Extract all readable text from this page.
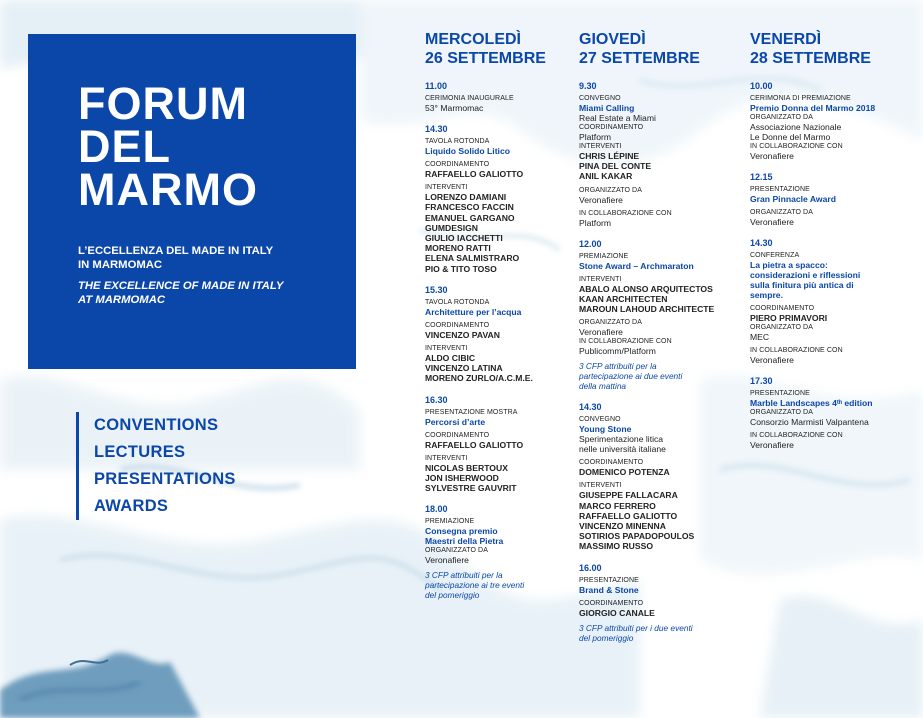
FORUM
DEL
MARMO
L’ECCELLENZA DEL MADE IN ITALY
IN MARMOMAC
THE EXCELLENCE OF MADE IN ITALY
AT MARMOMAC
CONVENTIONS
LECTURES
PRESENTATIONS
AWARDS
MERCOLEDÌ
26 SETTEMBRE
11.00
CERIMONIA INAUGURALE
53° Marmomac
14.30
TAVOLA ROTONDA
Liquido Solido Litico
COORDINAMENTO
RAFFAELLO GALIOTTO
INTERVENTI
LORENZO DAMIANI
FRANCESCO FACCIN
EMANUEL GARGANO
GUMDESIGN
GIULIO IACCHETTI
MORENO RATTI
ELENA SALMISTRARO
PIO & TITO TOSO
15.30
TAVOLA ROTONDA
Architetture per l’acqua
COORDINAMENTO
VINCENZO PAVAN
INTERVENTI
ALDO CIBIC
VINCENZO LATINA
MORENO ZURLO/A.C.M.E.
16.30
PRESENTAZIONE MOSTRA
Percorsi d’arte
COORDINAMENTO
RAFFAELLO GALIOTTO
INTERVENTI
NICOLAS BERTOUX
JON ISHERWOOD
SYLVESTRE GAUVRIT
18.00
PREMIAZIONE
Consegna premio
Maestri della Pietra
ORGANIZZATO DA
Veronafiere
3 CFP attribuiti per la
partecipazione ai tre eventi
del pomeriggio
GIOVEDÌ
27 SETTEMBRE
9.30
CONVEGNO
Miami Calling
Real Estate a Miami
COORDINAMENTO
Platform
INTERVENTI
CHRIS LÉPINE
PINA DEL CONTE
ANIL KAKAR
ORGANIZZATO DA
Veronafiere
IN COLLABORAZIONE CON
Platform
12.00
PREMIAZIONE
Stone Award – Archmaraton
INTERVENTI
ABALO ALONSO ARQUITECTOS
KAAN ARCHITECTEN
MAROUN LAHOUD ARCHITECTE
ORGANIZZATO DA
Veronafiere
IN COLLABORAZIONE CON
Publicomm/Platform
3 CFP attribuiti per la
partecipazione ai due eventi
della mattina
14.30
CONVEGNO
Young Stone
Sperimentazione litica
nelle università italiane
COORDINAMENTO
DOMENICO POTENZA
INTERVENTI
GIUSEPPE FALLACARA
MARCO FERRERO
RAFFAELLO GALIOTTO
VINCENZO MINENNA
SOTIRIOS PAPADOPOULOS
MASSIMO RUSSO
16.00
PRESENTAZIONE
Brand & Stone
COORDINAMENTO
GIORGIO CANALE
3 CFP attribuiti per i due eventi
del pomeriggio
VENERDÌ
28 SETTEMBRE
10.00
CERIMONIA DI PREMIAZIONE
Premio Donna del Marmo 2018
ORGANIZZATO DA
Associazione Nazionale
Le Donne del Marmo
IN COLLABORAZIONE CON
Veronafiere
12.15
PRESENTAZIONE
Gran Pinnacle Award
ORGANIZZATO DA
Veronafiere
14.30
CONFERENZA
La pietra a spacco:
considerazioni e riflessioni
sulla finitura più antica di
sempre.
COORDINAMENTO
PIERO PRIMAVORI
ORGANIZZATO DA
MEC
IN COLLABORAZIONE CON
Veronafiere
17.30
PRESENTAZIONE
Marble Landscapes 4ᵗʰ edition
ORGANIZZATO DA
Consorzio Marmisti Valpantena
IN COLLABORAZIONE CON
Veronafiere
